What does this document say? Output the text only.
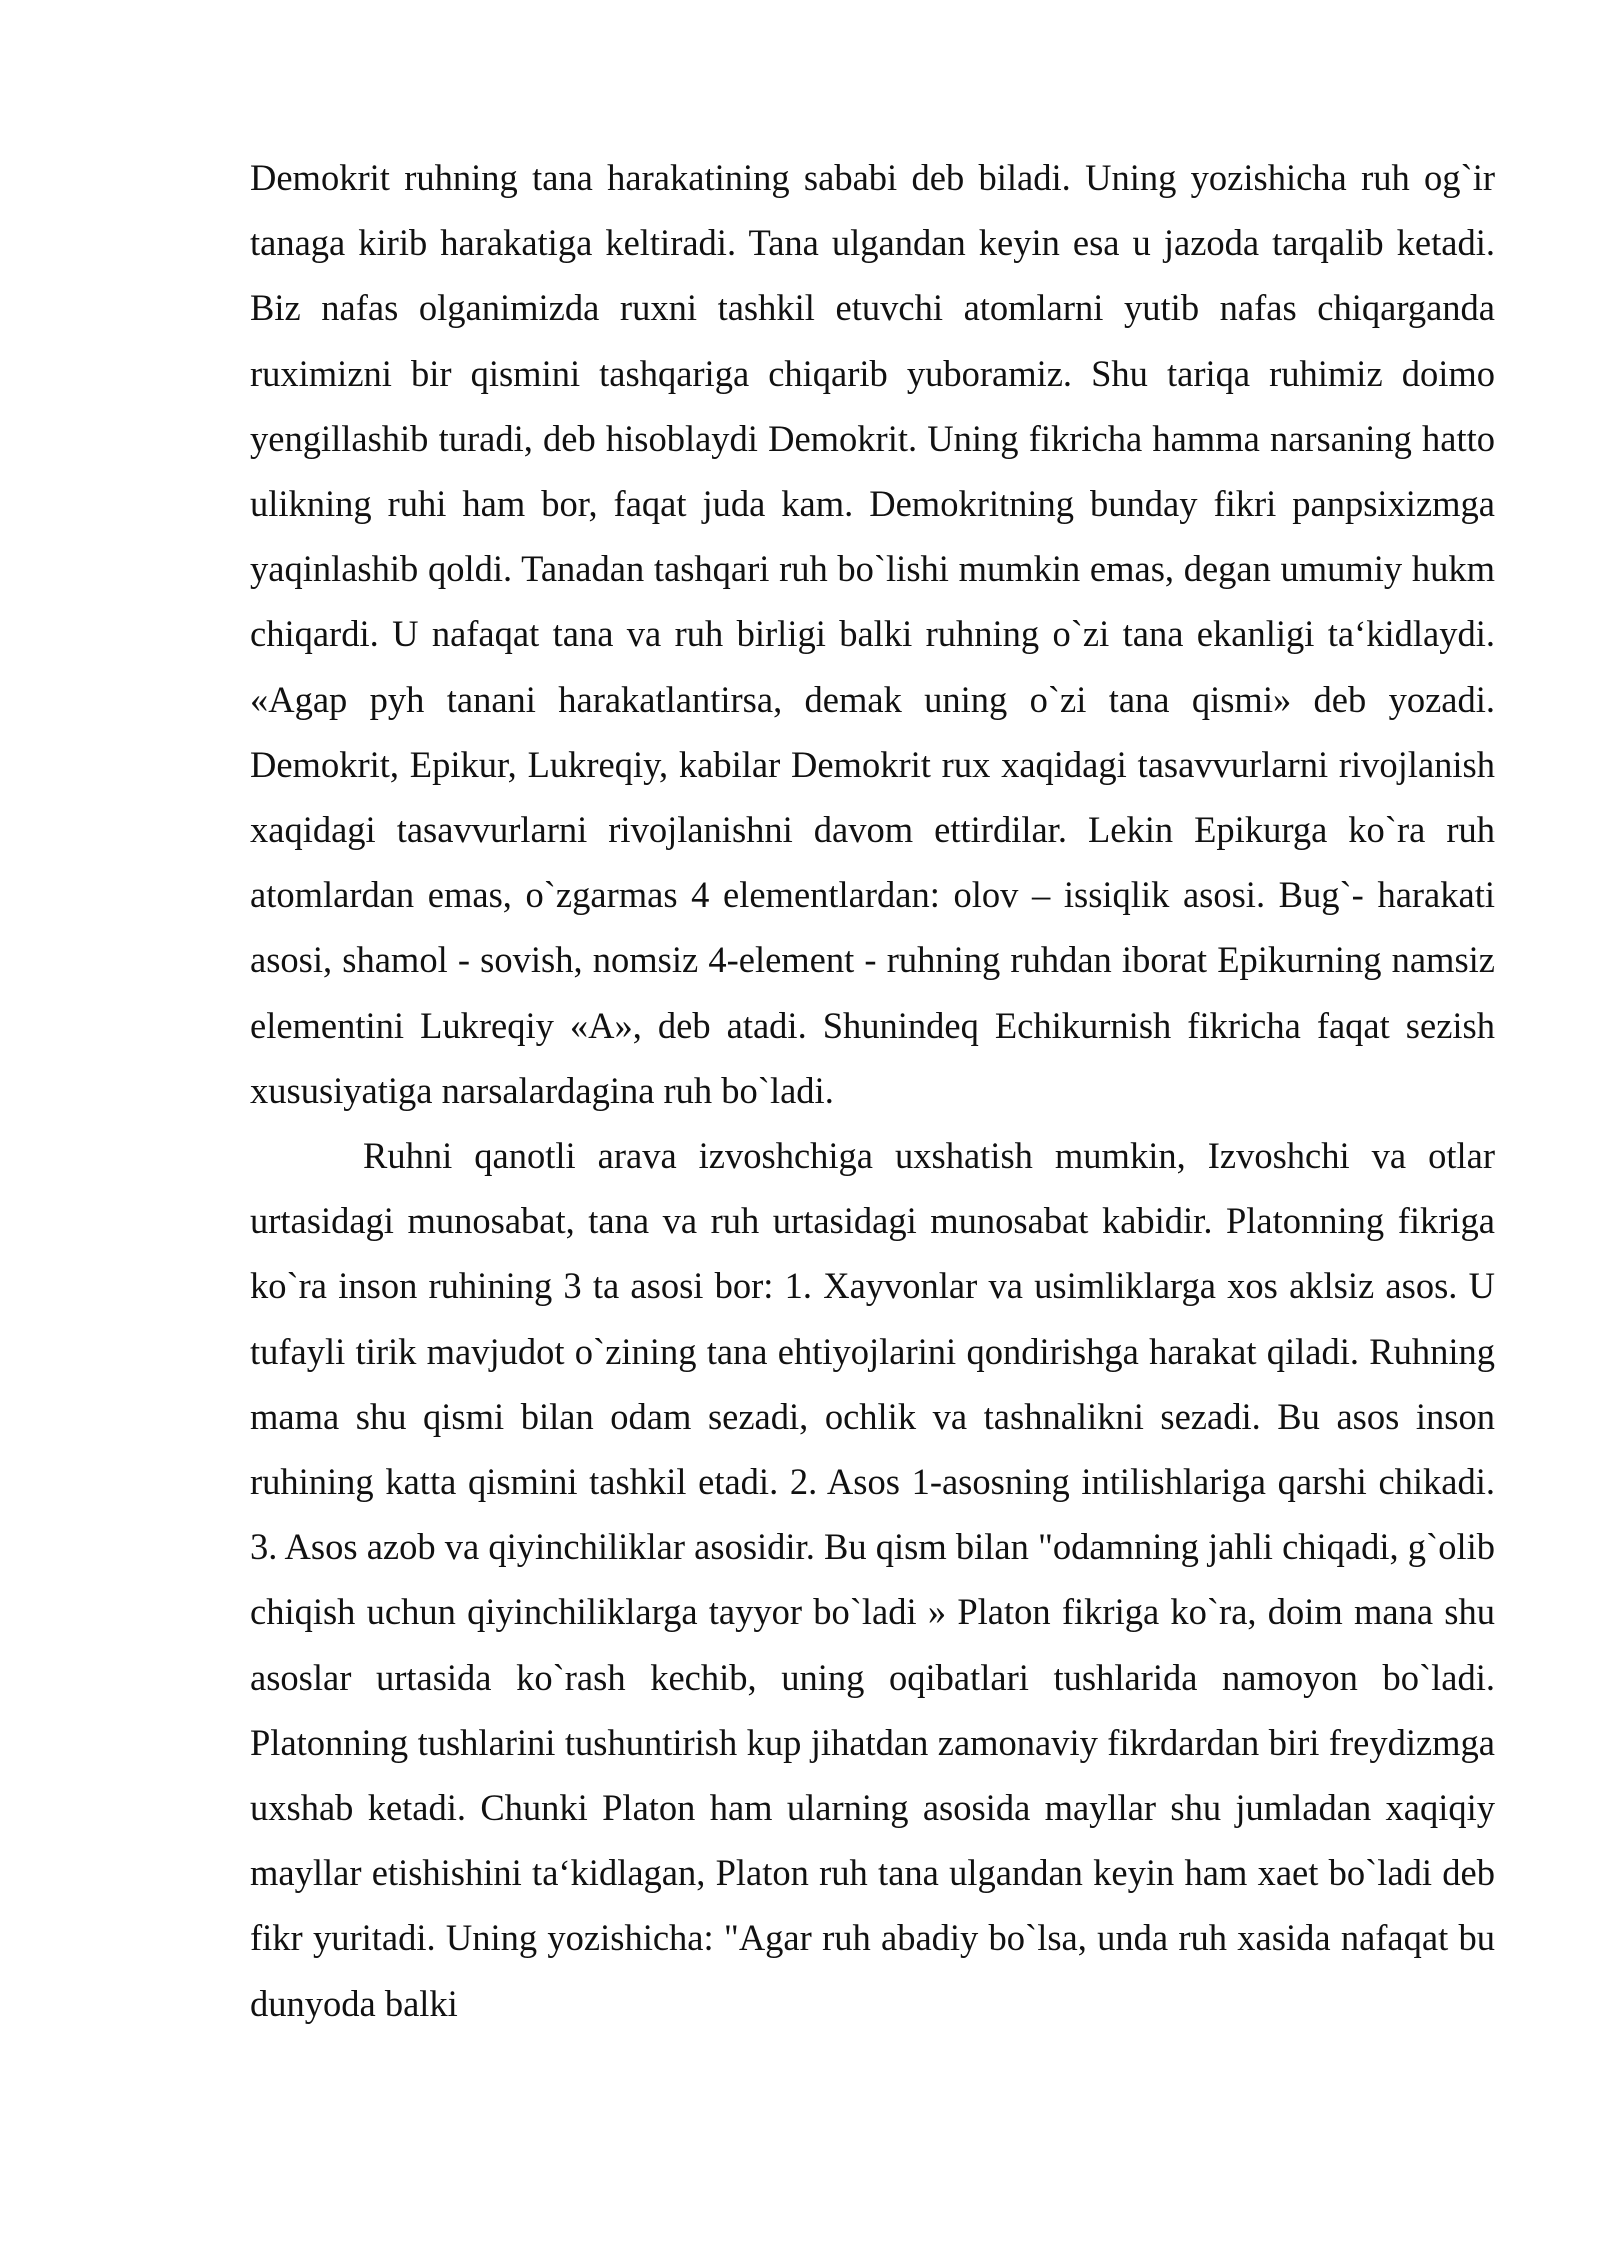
Demokrit ruhning tana harakatining sababi deb biladi. Uning yozishicha ruh og`ir tanaga kirib harakatiga keltiradi. Tana ulgandan keyin esa u jazoda tarqalib ketadi. Biz nafas olganimizda ruxni tashkil etuvchi atomlarni yutib nafas chiqarganda ruximizni bir qismini tashqariga chiqarib yuboramiz. Shu tariqa ruhimiz doimo yengillashib turadi, deb hisoblaydi Demokrit. Uning fikricha hamma narsaning hatto ulikning ruhi ham bor, faqat juda kam. Demokritning bunday fikri panpsixizmga yaqinlashib qoldi. Tanadan tashqari ruh bo`lishi mumkin emas, degan umumiy hukm chiqardi. U nafaqat tana va ruh birligi balki ruhning o`zi tana ekanligi ta‘kidlaydi. «Agap pyh tanani harakatlantirsa, demak uning o`zi tana qismi» deb yozadi. Demokrit, Epikur, Lukreqiy, kabilar Demokrit rux xaqidagi tasavvurlarni rivojlanish xaqidagi tasavvurlarni rivojlanishni davom ettirdilar. Lekin Epikurga ko`ra ruh atomlardan emas, o`zgarmas 4 elementlardan: olov – issiqlik asosi. Bug`- harakati asosi, shamol - sovish, nomsiz 4-element - ruhning ruhdan iborat Epikurning namsiz elementini Lukreqiy «A», deb atadi. Shunindeq Echikurnish fikricha faqat sezish xususiyatiga narsalardagina ruh bo`ladi.

Ruhni qanotli arava izvoshchiga uxshatish mumkin, Izvoshchi va otlar urtasidagi munosabat, tana va ruh urtasidagi munosabat kabidir. Platonning fikriga ko`ra inson ruhining 3 ta asosi bor: 1. Xayvonlar va usimliklarga xos aklsiz asos. U tufayli tirik mavjudot o`zining tana ehtiyojlarini qondirishga harakat qiladi. Ruhning mama shu qismi bilan odam sezadi, ochlik va tashnalikni sezadi. Bu asos inson ruhining katta qismini tashkil etadi. 2. Asos 1-asosning intilishlariga qarshi chikadi. 3. Asos azob va qiyinchiliklar asosidir. Bu qism bilan "odamning jahli chiqadi, g`olib chiqish uchun qiyinchiliklarga tayyor bo`ladi » Platon fikriga ko`ra, doim mana shu asoslar urtasida ko`rash kechib, uning oqibatlari tushlarida namoyon bo`ladi. Platonning tushlarini tushuntirish kup jihatdan zamonaviy fikrdardan biri freydizmga uxshab ketadi. Chunki Platon ham ularning asosida mayllar shu jumladan xaqiqiy mayllar etishishini ta‘kidlagan, Platon ruh tana ulgandan keyin ham xaet bo`ladi deb fikr yuritadi. Uning yozishicha: "Agar ruh abadiy bo`lsa, unda ruh xasida nafaqat bu dunyoda balki
